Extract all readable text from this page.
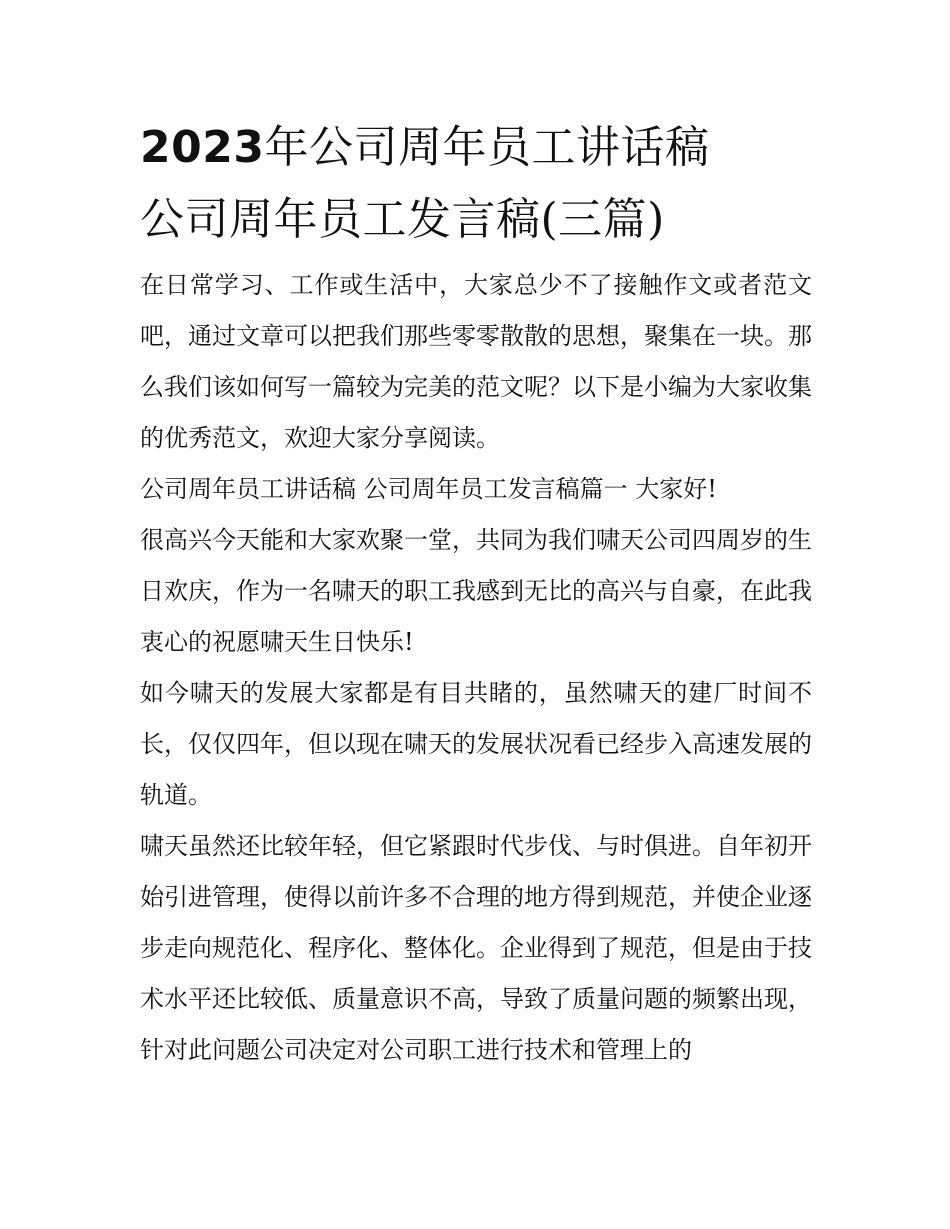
2023年公司周年员工讲话稿
公司周年员工发言稿(三篇)

在日常学习、工作或生活中，大家总少不了接触作文或者范文吧，通过文章可以把我们那些零零散散的思想，聚集在一块。那么我们该如何写一篇较为完美的范文呢？以下是小编为大家收集的优秀范文，欢迎大家分享阅读。

公司周年员工讲话稿 公司周年员工发言稿篇一 大家好!

很高兴今天能和大家欢聚一堂，共同为我们啸天公司四周岁的生日欢庆，作为一名啸天的职工我感到无比的高兴与自豪，在此我衷心的祝愿啸天生日快乐!

如今啸天的发展大家都是有目共睹的，虽然啸天的建厂时间不长，仅仅四年，但以现在啸天的发展状况看已经步入高速发展的轨道。

啸天虽然还比较年轻，但它紧跟时代步伐、与时俱进。自年初开始引进管理，使得以前许多不合理的地方得到规范，并使企业逐步走向规范化、程序化、整体化。企业得到了规范，但是由于技术水平还比较低、质量意识不高，导致了质量问题的频繁出现，针对此问题公司决定对公司职工进行技术和管理上的
